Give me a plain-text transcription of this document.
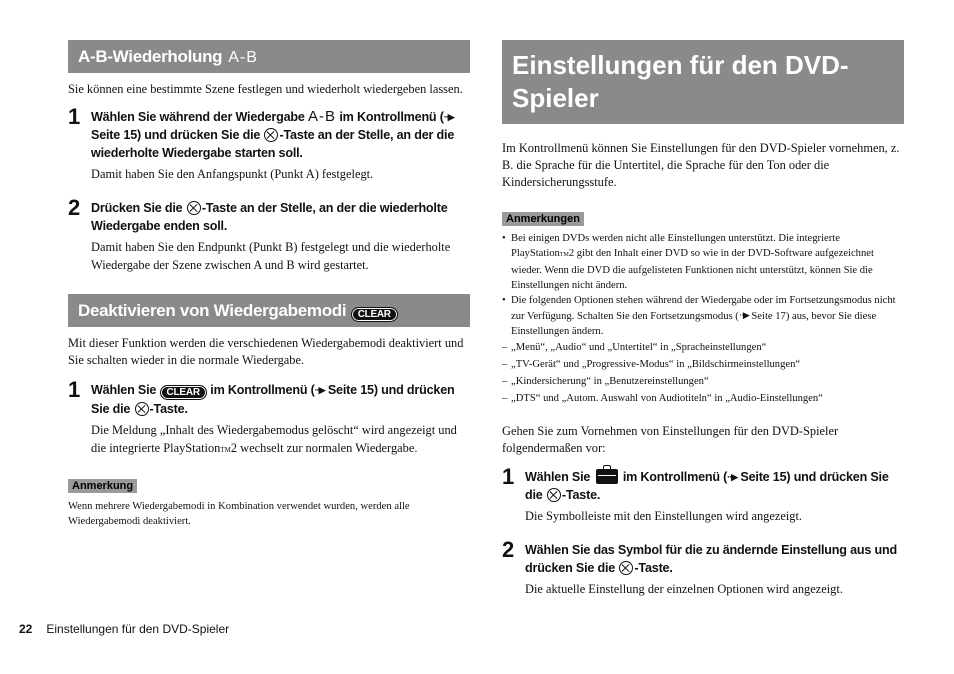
A-B-Wiederholung A-B

Sie können eine bestimmte Szene festlegen und wiederholt wiedergeben lassen.

1 Wählen Sie während der Wiedergabe A-B im Kontrollmenü (··▶ Seite 15) und drücken Sie die -Taste an der Stelle, an der die wiederholte Wiedergabe starten soll.
Damit haben Sie den Anfangspunkt (Punkt A) festgelegt.
2 Drücken Sie die -Taste an der Stelle, an der die wiederholte Wiedergabe enden soll.
Damit haben Sie den Endpunkt (Punkt B) festgelegt und die wiederholte Wiedergabe der Szene zwischen A und B wird gestartet.
Deaktivieren von Wiedergabemodi CLEAR

Mit dieser Funktion werden die verschiedenen Wiedergabemodi deaktiviert und Sie schalten wieder in die normale Wiedergabe.

1 Wählen Sie CLEAR im Kontrollmenü (··▶ Seite 15) und drücken Sie die -Taste.
Die Meldung „Inhalt des Wiedergabemodus gelöscht“ wird angezeigt und die integrierte PlayStationTM2 wechselt zur normalen Wiedergabe.
Anmerkung

Wenn mehrere Wiedergabemodi in Kombination verwendet wurden, werden alle Wiedergabemodi deaktiviert.

Einstellungen für den DVD-Spieler

Im Kontrollmenü können Sie Einstellungen für den DVD-Spieler vornehmen, z. B. die Sprache für die Untertitel, die Sprache für den Ton oder die Kindersicherungsstufe.

Anmerkungen
• Bei einigen DVDs werden nicht alle Einstellungen unterstützt. Die integrierte PlayStationTM2 gibt den Inhalt einer DVD so wie in der DVD-Software aufgezeichnet wieder. Wenn die DVD die aufgelisteten Funktionen nicht unterstützt, können Sie die Einstellungen nicht ändern.
• Die folgenden Optionen stehen während der Wiedergabe oder im Fortsetzungsmodus nicht zur Verfügung. Schalten Sie den Fortsetzungsmodus (··▶ Seite 17) aus, bevor Sie diese Einstellungen ändern.
– „Menü“, „Audio“ und „Untertitel“ in „Spracheinstellungen“
– „TV-Gerät“ und „Progressive-Modus“ in „Bildschirmeinstellungen“
– „Kindersicherung“ in „Benutzereinstellungen“
– „DTS“ und „Autom. Auswahl von Audiotiteln“ in „Audio-Einstellungen“

Gehen Sie zum Vornehmen von Einstellungen für den DVD-Spieler folgendermaßen vor:

1 Wählen Sie	im Kontrollmenü (··▶ Seite 15) und drücken Sie die -Taste.
Die Symbolleiste mit den Einstellungen wird angezeigt.
2 Wählen Sie das Symbol für die zu ändernde Einstellung aus und drücken Sie die -Taste.
Die aktuelle Einstellung der einzelnen Optionen wird angezeigt.
22 Einstellungen für den DVD-Spieler
